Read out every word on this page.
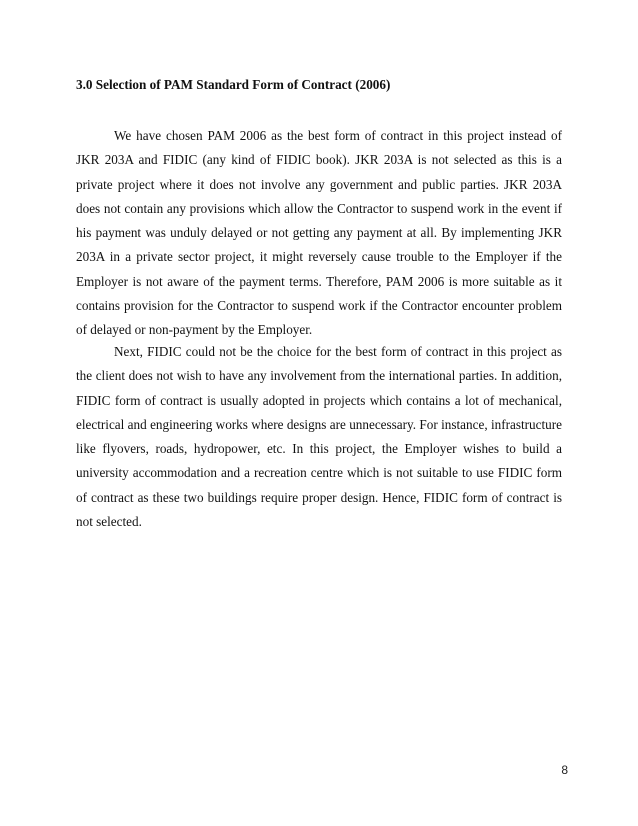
3.0 Selection of PAM Standard Form of Contract (2006)

We have chosen PAM 2006 as the best form of contract in this project instead of JKR 203A and FIDIC (any kind of FIDIC book). JKR 203A is not selected as this is a private project where it does not involve any government and public parties. JKR 203A does not contain any provisions which allow the Contractor to suspend work in the event if his payment was unduly delayed or not getting any payment at all. By implementing JKR 203A in a private sector project, it might reversely cause trouble to the Employer if the Employer is not aware of the payment terms. Therefore, PAM 2006 is more suitable as it contains provision for the Contractor to suspend work if the Contractor encounter problem of delayed or non-payment by the Employer.

Next, FIDIC could not be the choice for the best form of contract in this project as the client does not wish to have any involvement from the international parties. In addition, FIDIC form of contract is usually adopted in projects which contains a lot of mechanical, electrical and engineering works where designs are unnecessary. For instance, infrastructure like flyovers, roads, hydropower, etc. In this project, the Employer wishes to build a university accommodation and a recreation centre which is not suitable to use FIDIC form of contract as these two buildings require proper design. Hence, FIDIC form of contract is not selected.

8
